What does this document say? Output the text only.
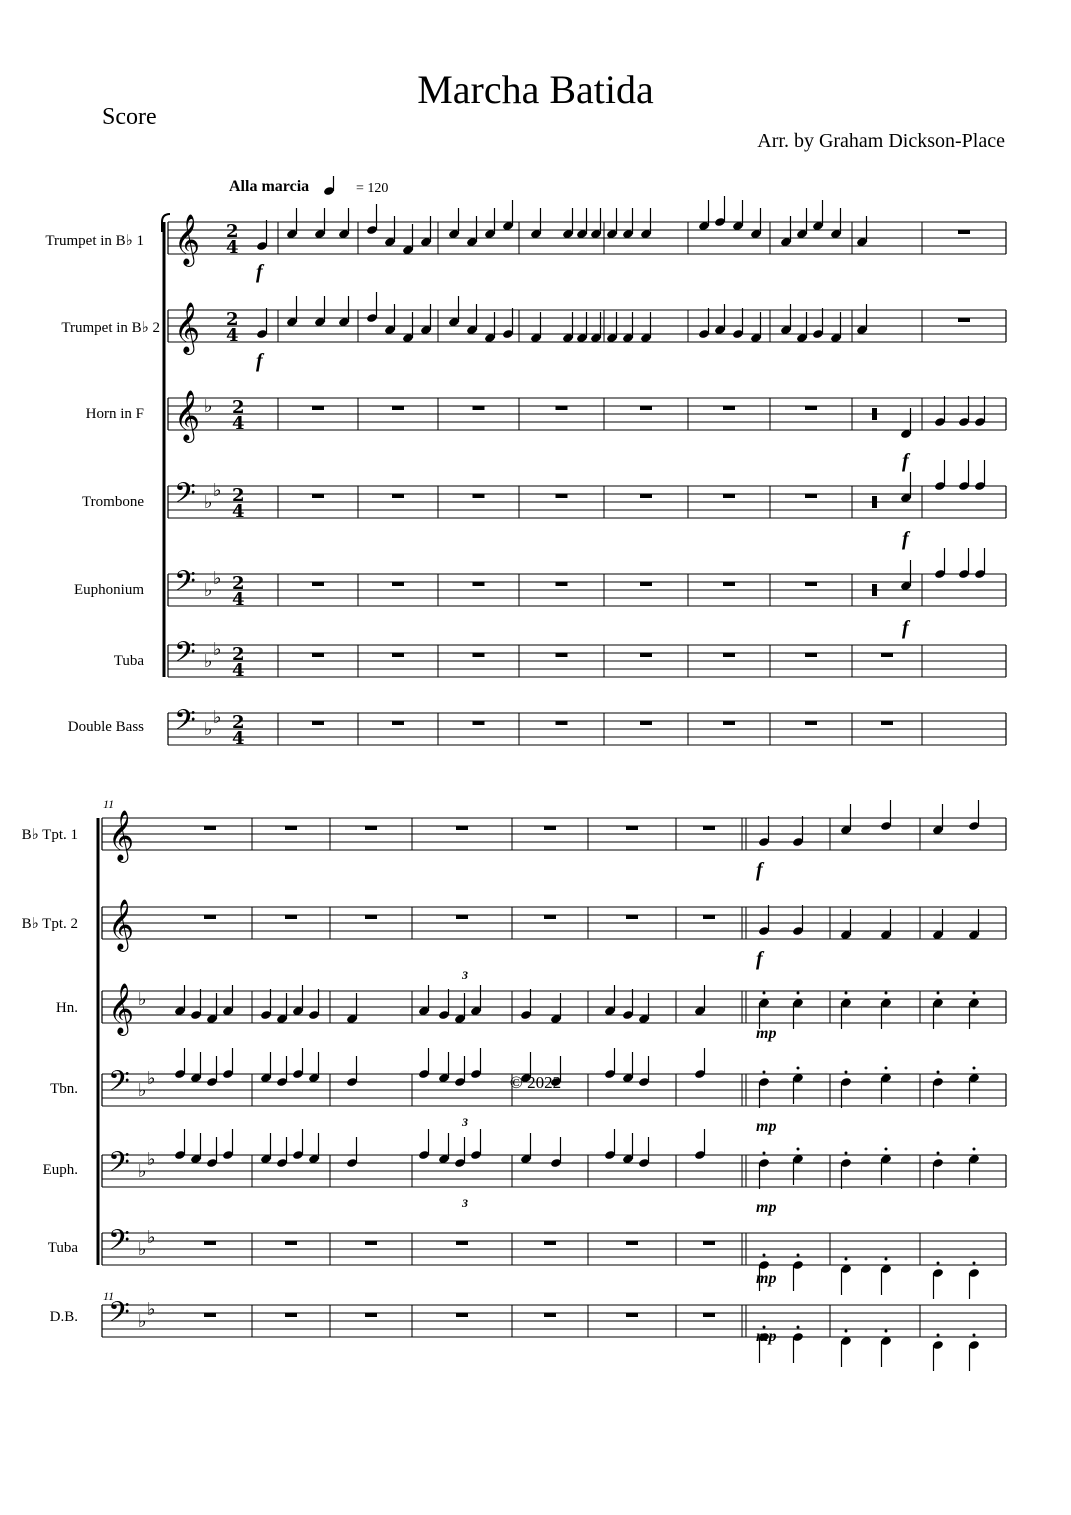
Marcha Batida
Score
Arr. by Graham Dickson-Place
Alla marcia	= 120
Trumpet in B♭ 1
Trumpet in B♭ 2
Horn in F
Trombone
Euphonium
Tuba
Double Bass
B♭ Tpt. 1
B♭ Tpt. 2
Hn.
Tbn.
Euph.
Tuba
D.B.
𝄞 2
4
𝄞 2
4
𝄞 ♭ 2
4
𝄢 ♭
♭ 2
4
𝄢 ♭
♭ 2
4
𝄢 ♭
♭ 2
4
𝄢 ♭
♭ 2
4
𝄞
𝄞
𝄞 ♭
𝄢 ♭
♭
𝄢 ♭
♭
𝄢 ♭
♭
𝄢 ♭
♭
3
3
3
11
11
f
f
f
f
f
f
f
mp
mp
mp
mp
mp
© 2022
